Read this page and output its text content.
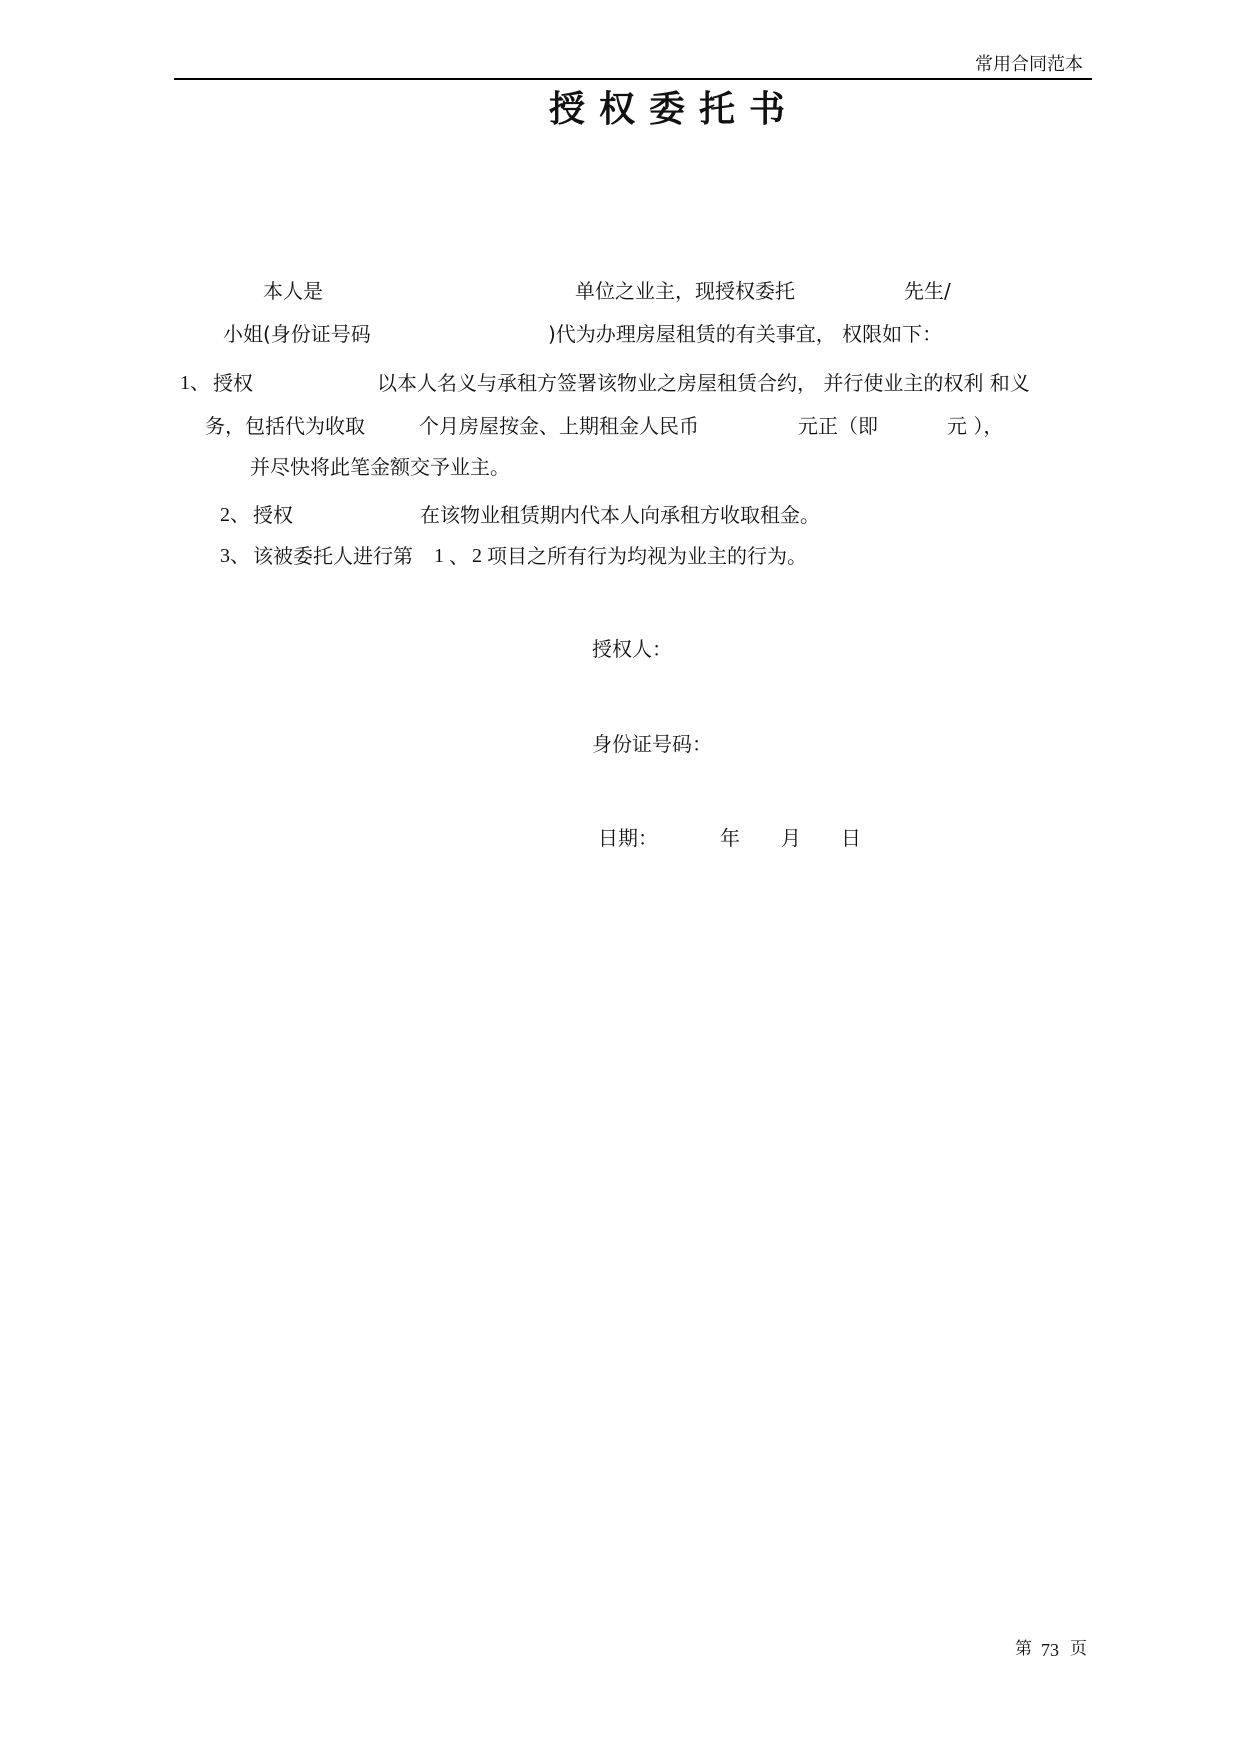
常用合同范本
授权委托书
本人是	单位之业主，现授权委托	先生/
小姐(身份证号码	)代为办理房屋租赁的有关事宜， 权限如下：
1、 授权	以本人名义与承租方签署该物业之房屋租赁合约， 并行使业主的权利 和义
务，包括代为收取	个月房屋按金、上期租金人民币	元正（即	元 ），
并尽快将此笔金额交予业主。
2、 授权	在该物业租赁期内代本人向承租方收取租金。
3、 该被委托人进行第 1 、 2 项目之所有行为均视为业主的行为。
授权人：
身份证号码：
日期：	年 月 日
第 73 页
